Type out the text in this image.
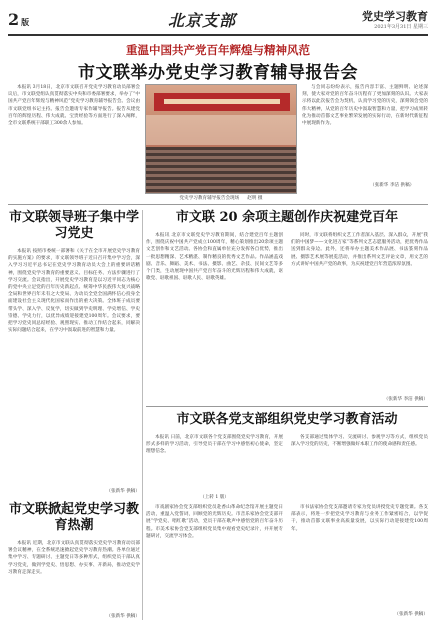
2 版	北京支部	党史学习教育
2021年3月31日 星期三
重温中国共产党百年辉煌与精神风范
市文联举办党史学习教育辅导报告会

本报讯 3月18日，北京市文联召开党史学习教育动员部署会议后，市文联党组认真贯彻落实中央和市委部署要求，举办了“中国共产党百年辉煌与精神风范”党史学习教育辅导报告会。会议由市文联党组书记主持。报告会邀请专家作辅导报告。报告从建党百年的辉煌历程、伟大成就、宝贵经验等方面进行了深入阐释，全市文联系统干部职工300余人参加。

党史学习教育辅导报告会现场 赵明 摄

与会同志纷纷表示，报告内容丰富、主题鲜明、论述深刻，使大家对党的百年奋斗历程有了更加深刻的认识。大家表示将以此次报告会为契机，认真学习党的历史，深刻领会党的伟大精神，从党的百年历史中汲取智慧和力量，把学习成果转化为推动首都文艺事业繁荣发展的实际行动，在新时代新征程中展现新作为。

（张新华 李洁 供稿）
市文联领导班子集中学习党史

本报讯 按照市委统一部署和《关于在全市开展党史学习教育的实施方案》的要求，市文联领导班子近日召开集中学习会，深入学习习近平总书记在党史学习教育动员大会上的重要讲话精神，围绕党史学习教育的重要意义、目标任务、方法步骤进行了学习交流。会议指出，开展党史学习教育是以习近平同志为核心的党中央立足党的百年历史新起点、统筹中华民族伟大复兴战略全局和世界百年未有之大变局、为动员全党全国满怀信心投身全面建设社会主义现代化国家而作出的重大决策。全体班子成员要带头学、深入学、反复学，切实做到学史明理、学史增信、学史崇德、学史力行，以优异成绩迎接建党100周年。会议要求，要把学习党史同总结经验、观照现实、推动工作结合起来，同解决实际问题结合起来，在学习中汲取前进的智慧和力量。

（张新华 供稿）
市文联掀起党史学习教育热潮

本报讯 近期，北京市文联认真贯彻落实党史学习教育动员部署会议精神，在全系统迅速掀起党史学习教育热潮。各单位通过集中学习、专题研讨、主题党日等多种形式，组织党员干部认真学习党史，做到学党史、悟思想、办实事、开新局，推动党史学习教育走深走实。

（张新华 供稿）
市文联 20 余项主题创作庆祝建党百年

本报讯 北京市文联党史学习教育期间，结合建党百年主题创作，围绕庆祝中国共产党成立100周年，精心策划推出20余项主题文艺创作和文艺活动。各协会和直属单位充分发挥各自优势，推出一批思想精深、艺术精湛、制作精良的优秀文艺作品。作品涵盖戏剧、音乐、舞蹈、美术、书法、摄影、曲艺、杂技、民间文艺等多个门类，生动展现中国共产党百年奋斗的光辉历程和伟大成就，讴歌党、讴歌祖国、讴歌人民、讴歌英雄。

同时，市文联将组织文艺工作者深入基层、深入群众，开展“我们的中国梦——文化进万家”等系列文艺志愿服务活动，把优秀作品送到群众身边。此外，还将举办主题美术作品展、书法篆刻作品展、摄影艺术展等展览活动，并推出系列文艺评论文章，用文艺的方式讲好中国共产党的故事，为庆祝建党百年营造浓厚氛围。

（张新华 李洁 供稿）
市文联各党支部组织党史学习教育活动

本报讯 日前，北京市文联各个党支部围绕党史学习教育，开展形式多样的学习活动，引导党员干部在学习中感悟初心使命，坚定理想信念。

各支部通过集体学习、交流研讨、参观学习等方式，组织党员深入学习党的历史，不断增强做好本职工作的使命感和责任感。

（上转 1 版）

市戏剧家协会党支部组织党员赴香山革命纪念馆开展主题党日活动，重温入党誓词，回顾党的光辉历史。市音乐家协会党支部开展“学党史、唱红歌”活动，党员干部在歌声中感悟党的百年奋斗历程。市美术家协会党支部组织党员集中观看党史纪录片，并开展专题研讨，交流学习体会。

市书法家协会党支部邀请专家为党员讲授党史专题党课。各支部表示，将进一步把党史学习教育与业务工作紧密结合，以学促干，推动首都文联事业高质量发展，以实际行动迎接建党100周年。

（张新华 供稿）
